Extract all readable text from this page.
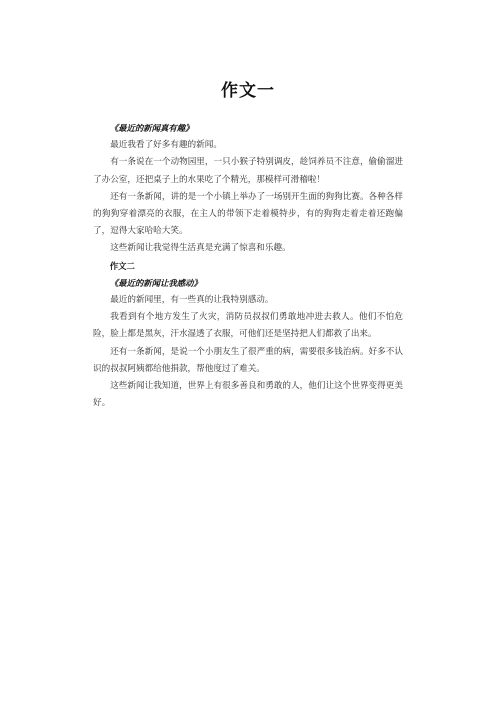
作文一

《最近的新闻真有趣》

最近我看了好多有趣的新闻。

有一条说在一个动物园里，一只小猴子特别调皮，趁饲养员不注意，偷偷溜进了办公室，还把桌子上的水果吃了个精光，那模样可滑稽啦！

还有一条新闻，讲的是一个小镇上举办了一场别开生面的狗狗比赛。各种各样的狗狗穿着漂亮的衣服，在主人的带领下走着模特步，有的狗狗走着走着还跑偏了，逗得大家哈哈大笑。

这些新闻让我觉得生活真是充满了惊喜和乐趣。

作文二

《最近的新闻让我感动》

最近的新闻里，有一些真的让我特别感动。

我看到有个地方发生了火灾，消防员叔叔们勇敢地冲进去救人。他们不怕危险，脸上都是黑灰，汗水湿透了衣服，可他们还是坚持把人们都救了出来。

还有一条新闻，是说一个小朋友生了很严重的病，需要很多钱治病。好多不认识的叔叔阿姨都给他捐款，帮他度过了难关。

这些新闻让我知道，世界上有很多善良和勇敢的人，他们让这个世界变得更美好。
